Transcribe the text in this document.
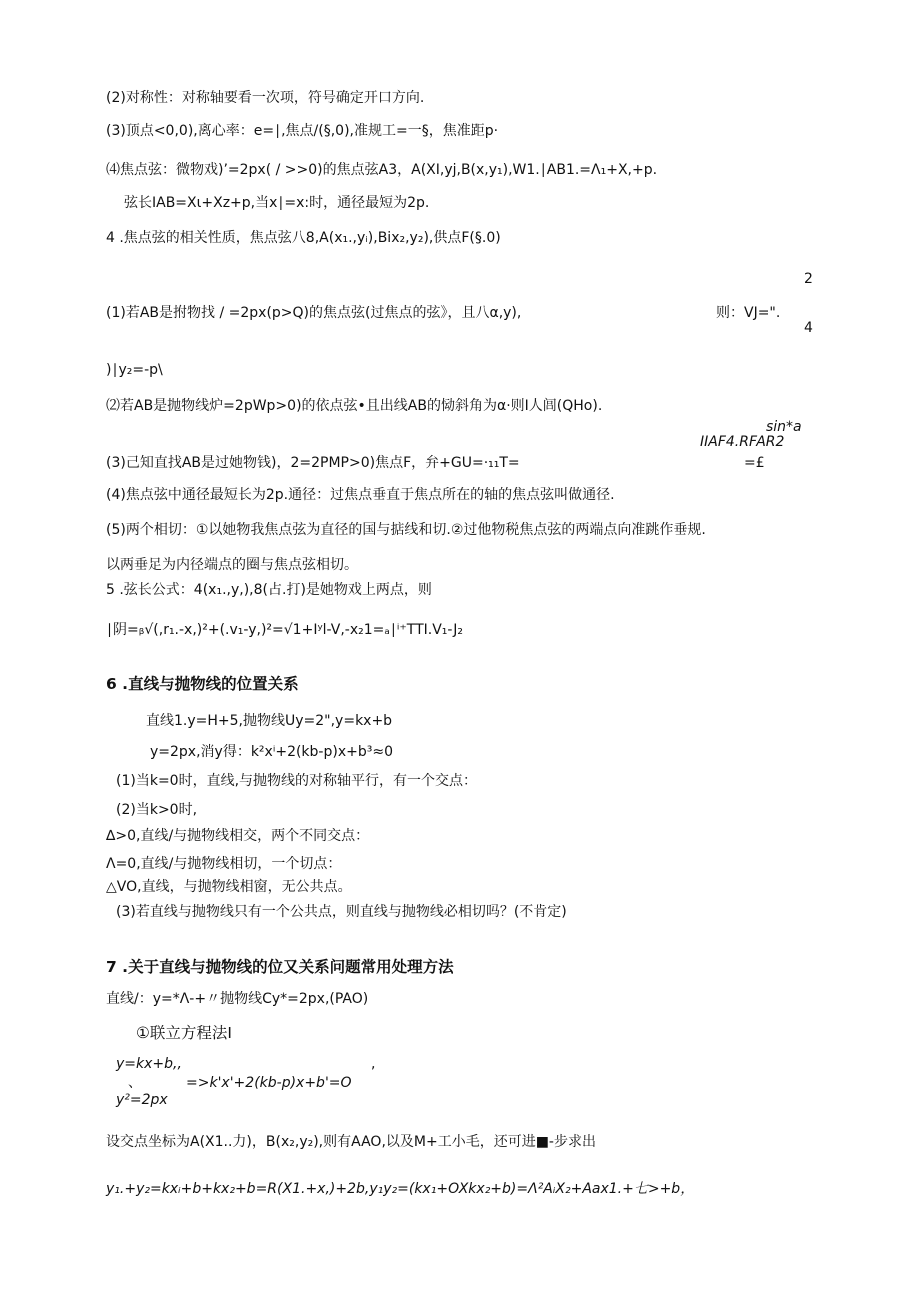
(2)对称性：对称轴要看一次项，符号确定开口方向.
(3)顶点<0,0),离心率：e=∣,焦点/(§,0),准规工=一§，焦准距p·
⑷焦点弦：微物戏)’=2px( / >>0)的焦点弦A3，A(XI,yj,B(x‍,y₁),W1.∣AB1.=Λ₁+X,+p.
弦长IAB=Xι+Xz+p,当x∣=x:时，通径最短为2p.
4 .焦点弦的相关性质，焦点弦八8,A(x₁.,yᵢ),Bix₂,y₂),供点F(§.0)
2
(1)若AB是拊物找 / =2px(p>Q)的焦点弦(过焦点的弦》，且八α,y),	则：VJ=".
4
)∣y₂=-p\
⑵若AB是抛物线炉=2pWp>0)的依点弦•且出线AB的恸斜角为α·则I人闾(QHo).
sin*a
IIAF4.RFAR2
(3)己知直找AB是过她物钱)，2=2PMP>0)焦点F，弁+GU=·₁₁T=	=£
(4)焦点弦中通径最短长为2p.通径：过焦点垂直于焦点所在的轴的焦点弦叫做通径.
(5)两个相切：①以她物我焦点弦为直径的国与掂线和切.②过他物税焦点弦的两端点向准跳作垂规.
以两垂足为内径端点的圈与焦点弦相切。
5 .弦长公式：4(x₁.,y,),8(占.打)是她物戏上两点，则
∣阴=ᵦ√(,r₁.-x,)²+(.v₁-y,)²=√1+Iʸl-V,-x₂1=ₐ∣ⁱ⁺TTI.V₁-J₂
6 .直线与抛物线的位置关系
直线1.y=H+5,抛物线Uy=2",y=kx+b
y=2px,消y得：k²xⁱ+2(kb-p)x+b³≈0
(1)当k=0时，直线,与抛物线的对称轴平行，有一个交点：
(2)当k>0时,
∆>0,直线/与抛物线相交，两个不同交点：
Λ=0,直线/与抛物线相切，一个切点：
△VO,直线，与抛物线相窗，无公共点。
(3)若直线与抛物线只有一个公共点，则直线与抛物线必相切吗？(不肯定)
7 .关于直线与抛物线的位又关系问题常用处理方法
直线/：y=*Λ-+〃抛物线Cy*=2px,(PAO)
①联立方程法I
y=kx+b,,	,
、	=>k'x'+2(kb-p)x+b'=O
y²=2px
设交点坐标为A(X1..力)，B(x₂,y₂),则有AAO,以及M+工小毛，还可进■-步求出
y₁.+y₂=kxᵢ+b+kx₂+b=R(X1.+x,)+2b,y₁y₂=(kx₁+OXkx₂+b)=Λ²AᵢX₂+Aax1.+七>+b，
